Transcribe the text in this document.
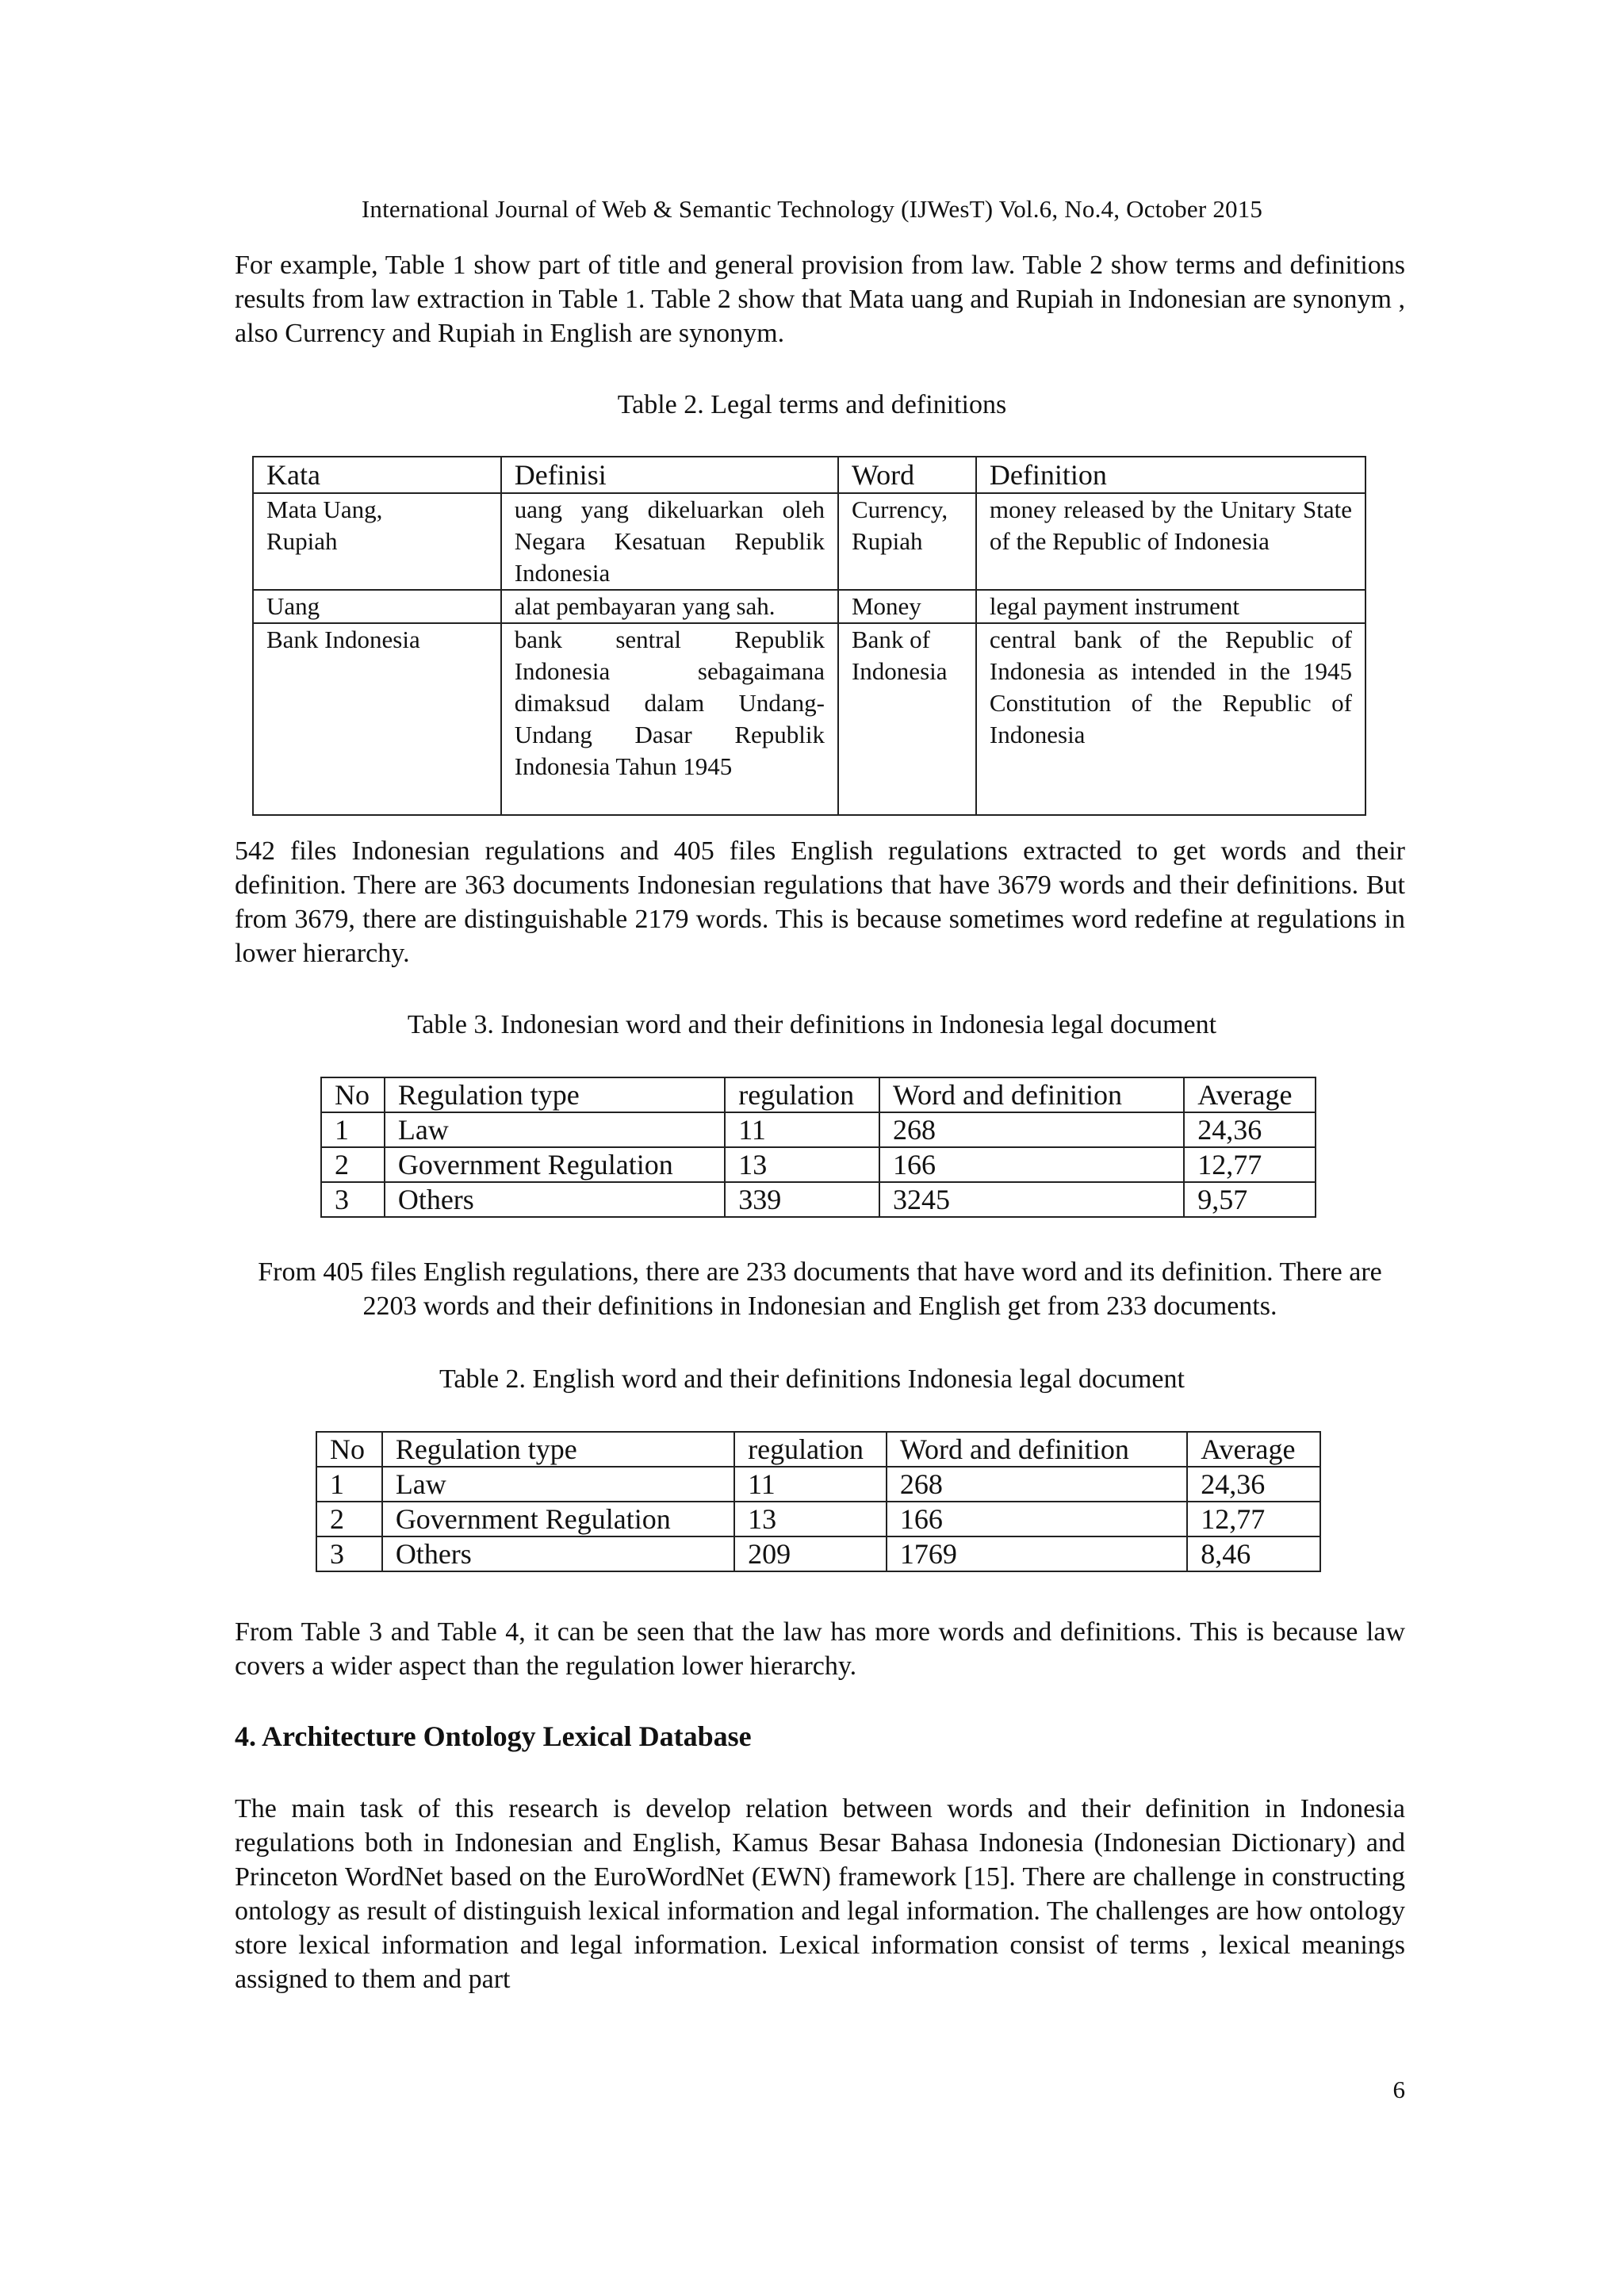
International Journal of Web & Semantic Technology (IJWesT) Vol.6, No.4, October 2015

For example, Table 1 show part of title and general provision from law. Table 2 show terms and definitions results from law extraction in Table 1. Table 2 show that Mata uang and Rupiah in Indonesian are synonym , also Currency and Rupiah in English are synonym.

Table 2. Legal terms and definitions
Kata	Definisi	Word	Definition
Mata Uang, Rupiah	uang yang dikeluarkan oleh Negara Kesatuan Republik Indonesia	Currency, Rupiah	money released by the Unitary State of the Republic of Indonesia
Uang	alat pembayaran yang sah.	Money	legal payment instrument
Bank Indonesia	bank sentral Republik Indonesia sebagaimana dimaksud dalam Undang-Undang Dasar Republik Indonesia Tahun 1945	Bank of Indonesia	central bank of the Republic of Indonesia as intended in the 1945 Constitution of the Republic of Indonesia

542 files Indonesian regulations and 405 files English regulations extracted to get words and their definition. There are 363 documents Indonesian regulations that have 3679 words and their definitions. But from 3679, there are distinguishable 2179 words. This is because sometimes word redefine at regulations in lower hierarchy.

Table 3. Indonesian word and their definitions in Indonesia legal document
No	Regulation type	regulation	Word and definition	Average
1	Law	11	268	24,36
2	Government Regulation	13	166	12,77
3	Others	339	3245	9,57

From 405 files English regulations, there are 233 documents that have word and its definition. There are 2203 words and their definitions in Indonesian and English get from 233 documents.

Table 2. English word and their definitions Indonesia legal document
No	Regulation type	regulation	Word and definition	Average
1	Law	11	268	24,36
2	Government Regulation	13	166	12,77
3	Others	209	1769	8,46

From Table 3 and Table 4, it can be seen that the law has more words and definitions. This is because law covers a wider aspect than the regulation lower hierarchy.

4. Architecture Ontology Lexical Database

The main task of this research is develop relation between words and their definition in Indonesia regulations both in Indonesian and English, Kamus Besar Bahasa Indonesia (Indonesian Dictionary) and Princeton WordNet based on the EuroWordNet (EWN) framework [15]. There are challenge in constructing ontology as result of distinguish lexical information and legal information. The challenges are how ontology store lexical information and legal information. Lexical information consist of terms , lexical meanings assigned to them and part

6
